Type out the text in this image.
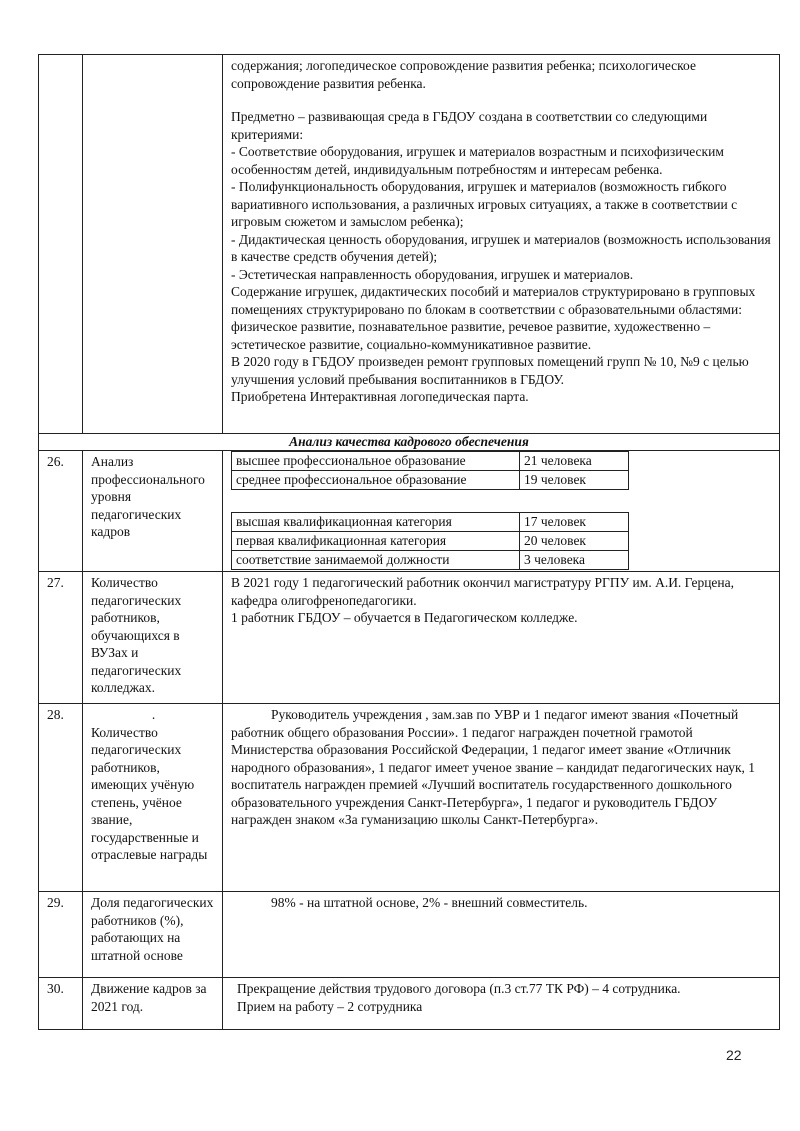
содержания; логопедическое сопровождение развития ребенка; психологическое сопровождение развития ребенка.

Предметно – развивающая среда в ГБДОУ создана в соответствии со следующими критериями:

- Соответствие оборудования, игрушек и материалов возрастным и психофизическим особенностям детей, индивидуальным потребностям и интересам ребенка.

- Полифункциональность оборудования, игрушек и материалов (возможность гибкого вариативного использования, а различных игровых ситуациях, а также в соответствии с игровым сюжетом и замыслом ребенка);

- Дидактическая ценность оборудования, игрушек и материалов (возможность использования в качестве средств обучения детей);

- Эстетическая направленность оборудования, игрушек и материалов.

Содержание игрушек, дидактических пособий и материалов структурировано в групповых помещениях структурировано по блокам в соответствии с образовательными областями: физическое развитие, познавательное развитие, речевое развитие, художественно – эстетическое развитие, социально-коммуникативное развитие.

В 2020 году в ГБДОУ произведен ремонт групповых помещений групп № 10, №9 с целью улучшения условий пребывания воспитанников в ГБДОУ.

Приобретена Интерактивная логопедическая парта.

Анализ качества кадрового обеспечения
26.	Анализ профессионального уровня педагогических кадров	
высшее профессиональное образование	21 человека
среднее профессиональное образование	19 человек
высшая квалификационная категория	17 человек
первая квалификационная категория	20 человек
соответствие занимаемой должности	3 человека

27.	Количество педагогических работников, обучающихся в ВУЗах и педагогических колледжах.	

В 2021 году 1 педагогический работник окончил магистратуру РГПУ им. А.И. Герцена, кафедра олигофренопедагогики.

1 работник ГБДОУ – обучается в Педагогическом колледже.

28.	.
Количество педагогических работников, имеющих учёную степень, учёное звание, государственные и отраслевые награды	

Руководитель учреждения , зам.зав по УВР и 1 педагог имеют звания «Почетный работник общего образования России». 1 педагог награжден почетной грамотой Министерства образования Российской Федерации, 1 педагог имеет звание «Отличник народного образования», 1 педагог имеет ученое звание – кандидат педагогических наук, 1 воспитатель награжден премией «Лучший воспитатель государственного дошкольного образовательного учреждения Санкт-Петербурга», 1 педагог и руководитель ГБДОУ награжден знаком «За гуманизацию школы Санкт-Петербурга».

29.	Доля педагогических работников (%), работающих на штатной основе	

98% - на штатной основе, 2% - внешний совместитель.

30.	Движение кадров за 2021 год.	

Прекращение действия трудового договора (п.3 ст.77 ТК РФ) – 4 сотрудника.

Прием на работу – 2 сотрудника

22
